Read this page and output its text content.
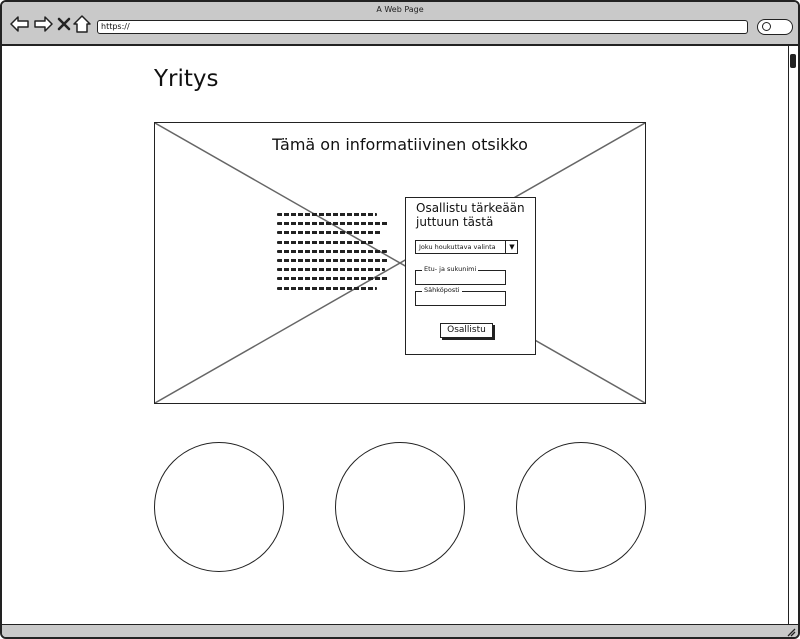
A Web Page
https://
Yritys
Tämä on informatiivinen otsikko
Osallistu tärkeään juttuun tästä
Joku houkuttava valinta	▼
Etu- ja sukunimi
Sähköposti
Osallistu
